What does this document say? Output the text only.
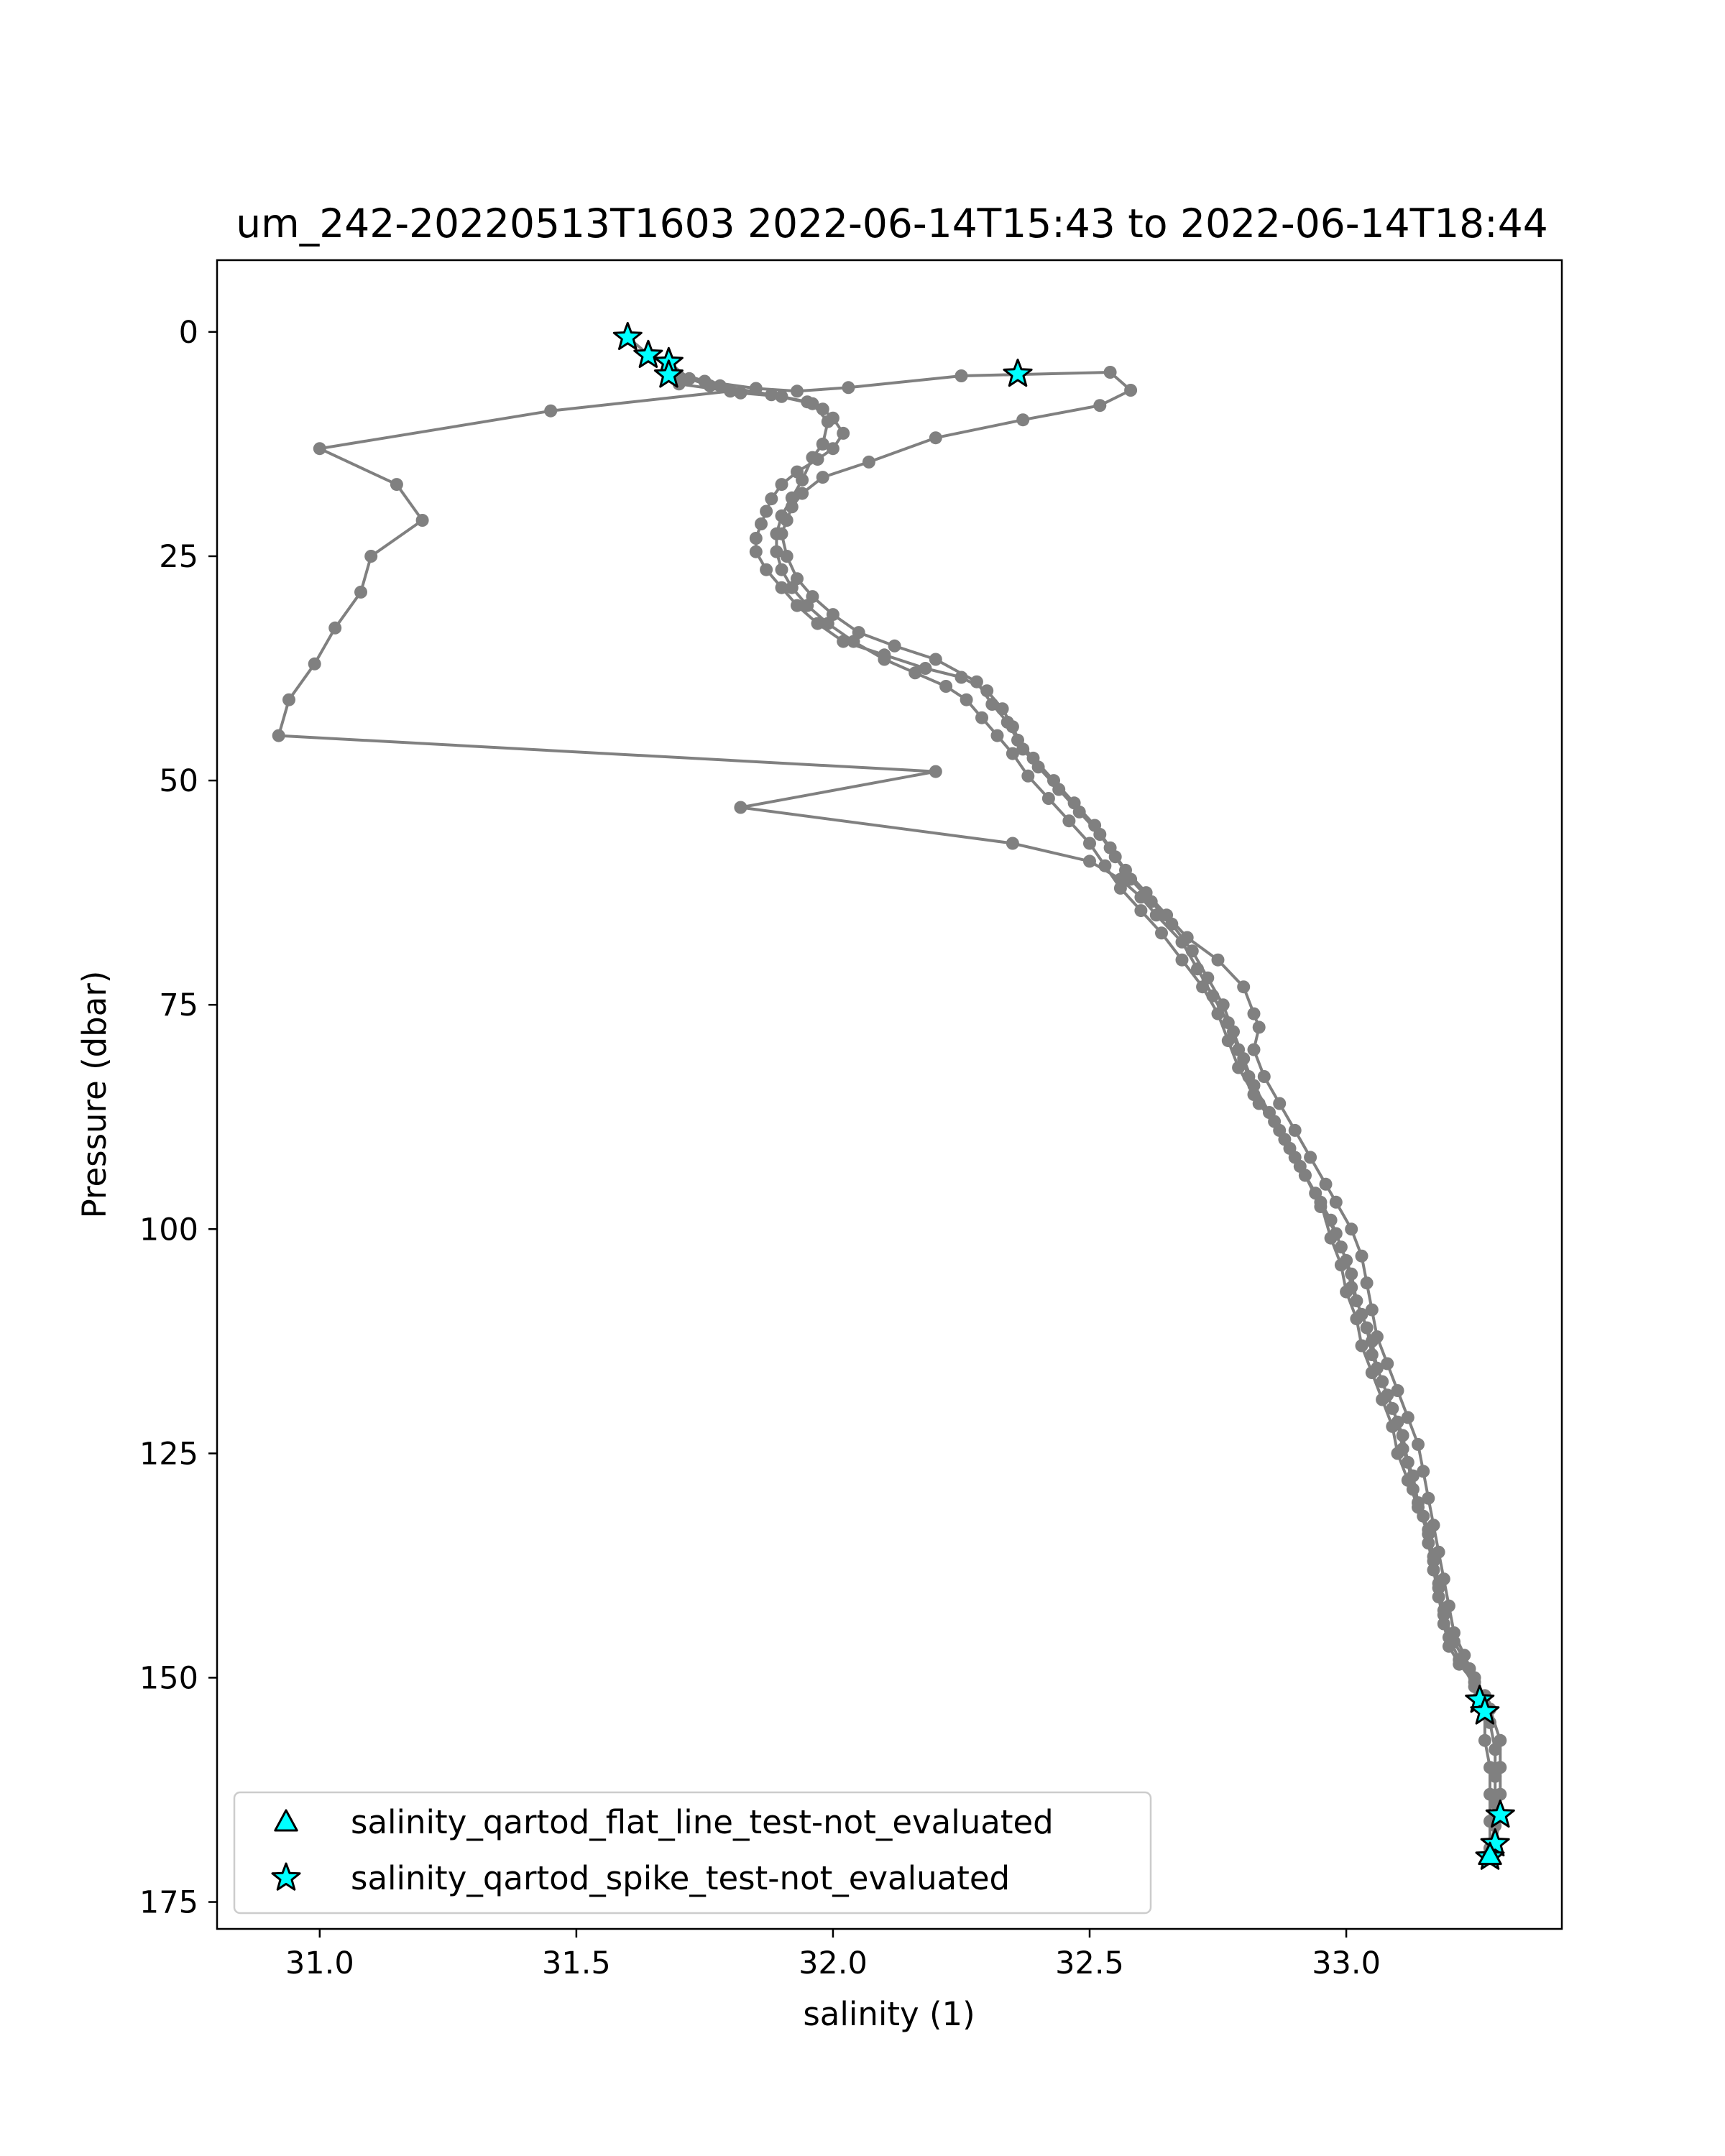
um_242-20220513T1603 2022-06-14T15:43 to 2022-06-14T18:44
31.0	31.5	32.0	32.5	33.0
0
25
50
75
100
125
150
175
salinity (1)
Pressure (dbar)
salinity_qartod_flat_line_test-not_evaluated
salinity_qartod_spike_test-not_evaluated
